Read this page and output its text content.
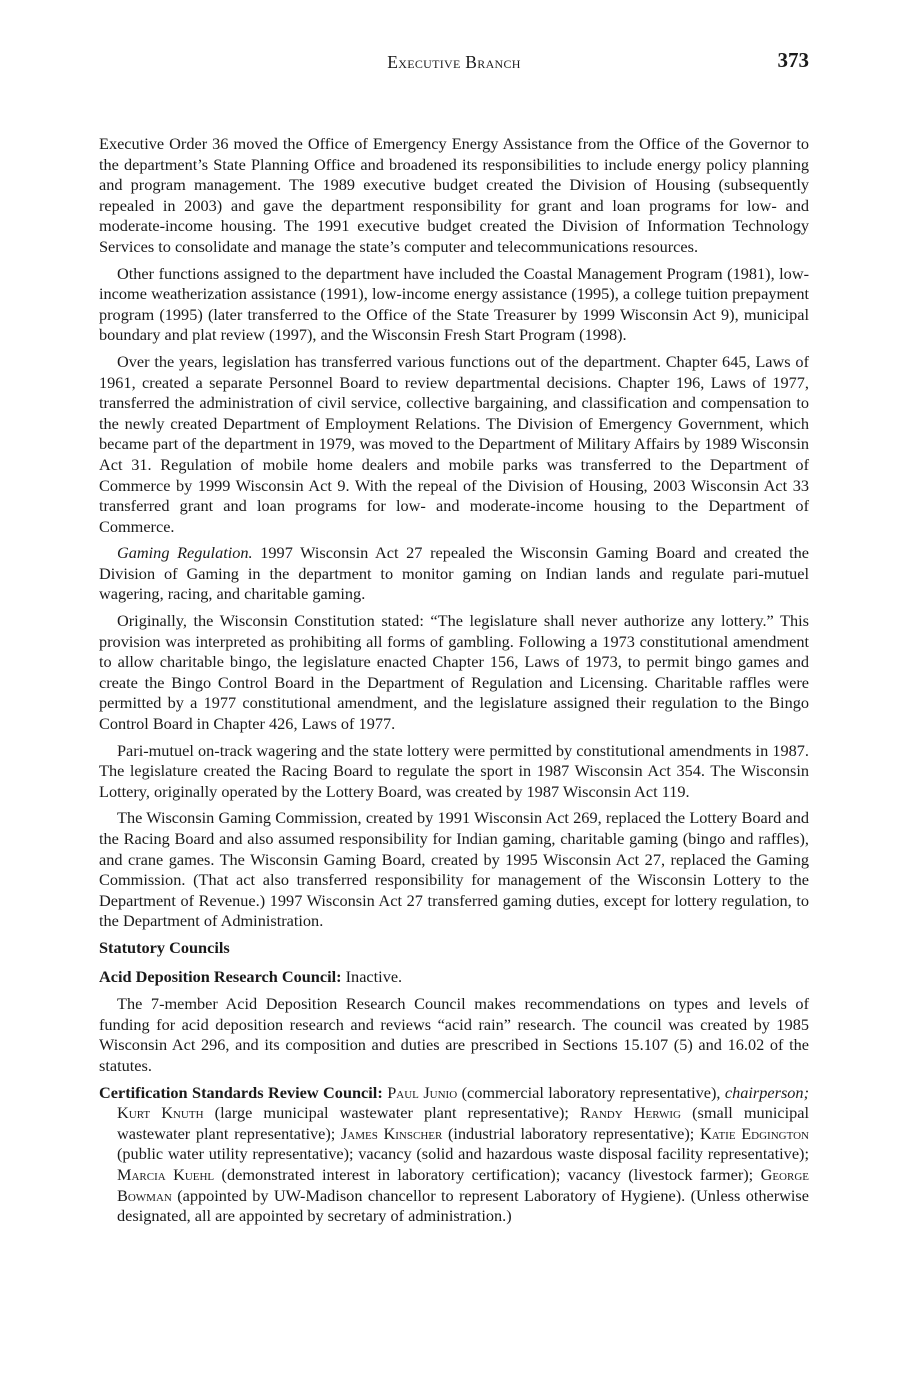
Executive Branch	373

Executive Order 36 moved the Office of Emergency Energy Assistance from the Office of the Governor to the department’s State Planning Office and broadened its responsibilities to include energy policy planning and program management. The 1989 executive budget created the Division of Housing (subsequently repealed in 2003) and gave the department responsibility for grant and loan programs for low- and moderate-income housing. The 1991 executive budget created the Division of Information Technology Services to consolidate and manage the state’s computer and telecommunications resources.

Other functions assigned to the department have included the Coastal Management Program (1981), low-income weatherization assistance (1991), low-income energy assistance (1995), a college tuition prepayment program (1995) (later transferred to the Office of the State Treasurer by 1999 Wisconsin Act 9), municipal boundary and plat review (1997), and the Wisconsin Fresh Start Program (1998).

Over the years, legislation has transferred various functions out of the department. Chapter 645, Laws of 1961, created a separate Personnel Board to review departmental decisions. Chapter 196, Laws of 1977, transferred the administration of civil service, collective bargaining, and classification and compensation to the newly created Department of Employment Relations. The Division of Emergency Government, which became part of the department in 1979, was moved to the Department of Military Affairs by 1989 Wisconsin Act 31. Regulation of mobile home dealers and mobile parks was transferred to the Department of Commerce by 1999 Wisconsin Act 9. With the repeal of the Division of Housing, 2003 Wisconsin Act 33 transferred grant and loan programs for low- and moderate-income housing to the Department of Commerce.

Gaming Regulation. 1997 Wisconsin Act 27 repealed the Wisconsin Gaming Board and created the Division of Gaming in the department to monitor gaming on Indian lands and regulate pari-mutuel wagering, racing, and charitable gaming.

Originally, the Wisconsin Constitution stated: “The legislature shall never authorize any lottery.” This provision was interpreted as prohibiting all forms of gambling. Following a 1973 constitutional amendment to allow charitable bingo, the legislature enacted Chapter 156, Laws of 1973, to permit bingo games and create the Bingo Control Board in the Department of Regulation and Licensing. Charitable raffles were permitted by a 1977 constitutional amendment, and the legislature assigned their regulation to the Bingo Control Board in Chapter 426, Laws of 1977.

Pari-mutuel on-track wagering and the state lottery were permitted by constitutional amendments in 1987. The legislature created the Racing Board to regulate the sport in 1987 Wisconsin Act 354. The Wisconsin Lottery, originally operated by the Lottery Board, was created by 1987 Wisconsin Act 119.

The Wisconsin Gaming Commission, created by 1991 Wisconsin Act 269, replaced the Lottery Board and the Racing Board and also assumed responsibility for Indian gaming, charitable gaming (bingo and raffles), and crane games. The Wisconsin Gaming Board, created by 1995 Wisconsin Act 27, replaced the Gaming Commission. (That act also transferred responsibility for management of the Wisconsin Lottery to the Department of Revenue.) 1997 Wisconsin Act 27 transferred gaming duties, except for lottery regulation, to the Department of Administration.

Statutory Councils

Acid Deposition Research Council: Inactive.

The 7-member Acid Deposition Research Council makes recommendations on types and levels of funding for acid deposition research and reviews “acid rain” research. The council was created by 1985 Wisconsin Act 296, and its composition and duties are prescribed in Sections 15.107 (5) and 16.02 of the statutes.

Certification Standards Review Council: Paul Junio (commercial laboratory representative), chairperson; Kurt Knuth (large municipal wastewater plant representative); Randy Herwig (small municipal wastewater plant representative); James Kinscher (industrial laboratory representative); Katie Edgington (public water utility representative); vacancy (solid and hazardous waste disposal facility representative); Marcia Kuehl (demonstrated interest in laboratory certification); vacancy (livestock farmer); George Bowman (appointed by UW-Madison chancellor to represent Laboratory of Hygiene). (Unless otherwise designated, all are appointed by secretary of administration.)
